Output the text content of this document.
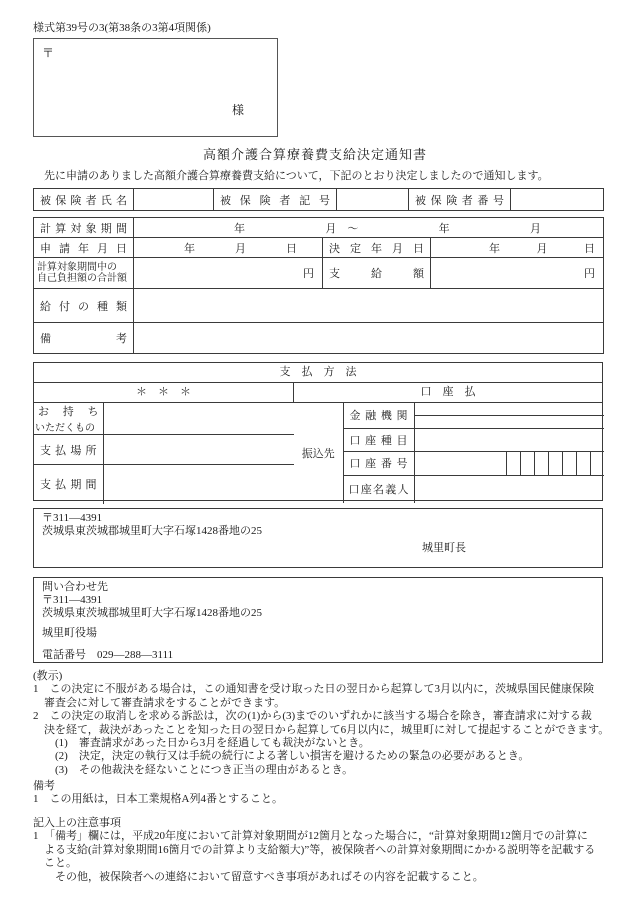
様式第39号の3(第38条の3第4項関係)
〒
様
高額介護合算療養費支給決定通知書
　先に申請のありました高額介護合算療養費支給について，下記のとおり決定しましたので通知します。
被 保 険 者 氏 名		被 保 険 者 記 号		被 保 険 者 番 号	
計 算 対 象 期 間	年 月　～ 年 月		

申 請 年 月 日	年 月 日	決 定 年 月 日	年 月 日

計算対象期間中の
自己負担額の合計額	円	支 給 額	円
給 付 の 種 類			
備 考			
支　払　方　法
＊　＊　＊	口　座　払
お 持 ち
いただくもの	

支 払 場 所	
支 払 期 間	
振込先	金 融 機 関	

	口 座 種 目	
	口 座 番 号	

	口座名義人	
〒311—4391
茨城県東茨城郡城里町大字石塚1428番地の25
城里町長
問い合わせ先
〒311—4391
茨城県東茨城郡城里町大字石塚1428番地の25
城里町役場
電話番号　029—288—3111
(教示)
1　この決定に不服がある場合は，この通知書を受け取った日の翌日から起算して3月以内に，茨城県国民健康保険
　審査会に対して審査請求をすることができます。
2　この決定の取消しを求める訴訟は，次の(1)から(3)までのいずれかに該当する場合を除き，審査請求に対する裁
　決を経て，裁決があったことを知った日の翌日から起算して6月以内に，城里町に対して提起することができます。
　　(1)　審査請求があった日から3月を経過しても裁決がないとき。
　　(2)　決定，決定の執行又は手続の続行による著しい損害を避けるための緊急の必要があるとき。
　　(3)　その他裁決を経ないことにつき正当の理由があるとき。
備考
1　この用紙は，日本工業規格A列4番とすること。
記入上の注意事項
1　「備考」欄には，平成20年度において計算対象期間が12箇月となった場合に，“計算対象期間12箇月での計算に
　よる支給(計算対象期間16箇月での計算より支給額大)”等，被保険者への計算対象期間にかかる説明等を記載する
　こと。
　　その他，被保険者への連絡において留意すべき事項があればその内容を記載すること。
